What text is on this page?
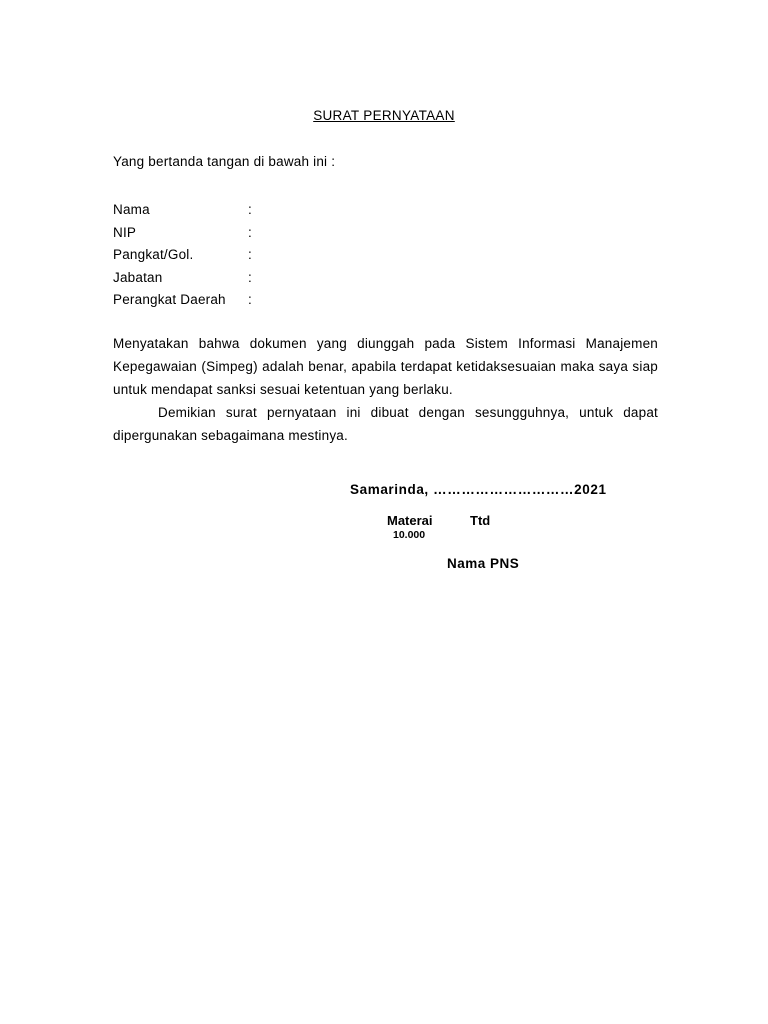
SURAT PERNYATAAN
Yang bertanda tangan di bawah ini :
Nama	:
NIP	:
Pangkat/Gol.	:
Jabatan	:
Perangkat Daerah :
Menyatakan bahwa dokumen yang diunggah pada Sistem Informasi Manajemen Kepegawaian (Simpeg) adalah benar, apabila terdapat ketidaksesuaian maka saya siap untuk mendapat sanksi sesuai ketentuan yang berlaku.
Demikian surat pernyataan ini dibuat dengan sesungguhnya, untuk dapat dipergunakan sebagaimana mestinya.
Samarinda, …………………………2021
Materai
10.000
Ttd
Nama PNS
